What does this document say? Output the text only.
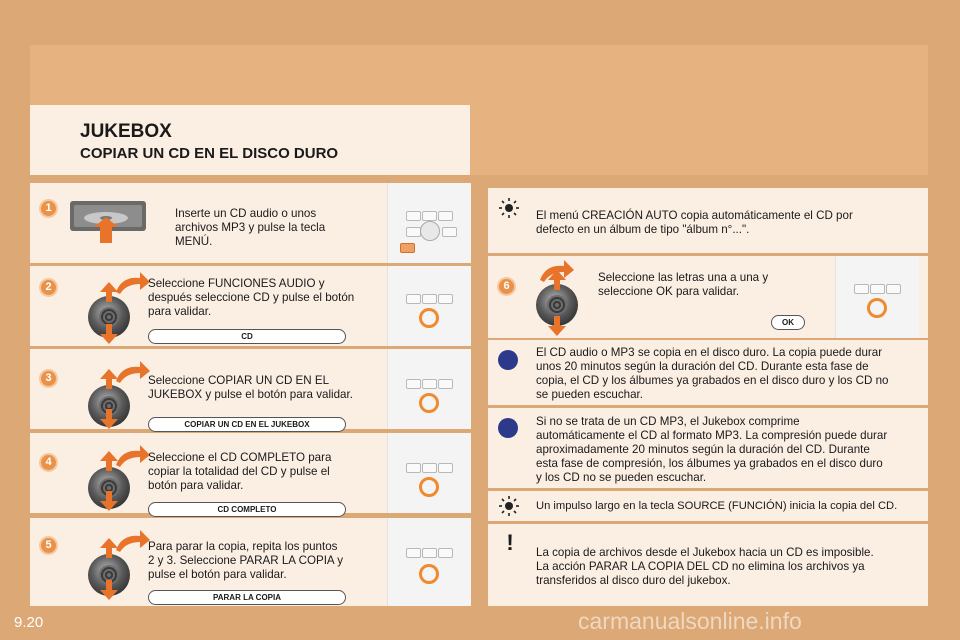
JUKEBOX
COPIAR UN CD EN EL DISCO DURO
1	Inserte un CD audio o unos
archivos MP3 y pulse la tecla
MENÚ.
2	Seleccione FUNCIONES AUDIO y
después seleccione CD y pulse el botón
para validar.
CD
3	Seleccione COPIAR UN CD EN EL
JUKEBOX y pulse el botón para validar.
COPIAR UN CD EN EL JUKEBOX
4	Seleccione el CD COMPLETO para
copiar la totalidad del CD y pulse el
botón para validar.
CD COMPLETO
5	Para parar la copia, repita los puntos
2 y 3. Seleccione PARAR LA COPIA y
pulse el botón para validar.
PARAR LA COPIA
El menú CREACIÓN AUTO copia automáticamente el CD por
defecto en un álbum de tipo "álbum n°...".
6
Seleccione las letras una a una y
seleccione OK para validar.
OK
El CD audio o MP3 se copia en el disco duro. La copia puede durar
unos 20 minutos según la duración del CD. Durante esta fase de
copia, el CD y los álbumes ya grabados en el disco duro y los CD no
se pueden escuchar.
Si no se trata de un CD MP3, el Jukebox comprime
automáticamente el CD al formato MP3. La compresión puede durar
aproximadamente 20 minutos según la duración del CD. Durante
esta fase de compresión, los álbumes ya grabados en el disco duro
y los CD no se pueden escuchar.
Un impulso largo en la tecla SOURCE (FUNCIÓN) inicia la copia del CD.
!	La copia de archivos desde el Jukebox hacia un CD es imposible.
La acción PARAR LA COPIA DEL CD no elimina los archivos ya
transferidos al disco duro del jukebox.
9.20	carmanualsonline.info
